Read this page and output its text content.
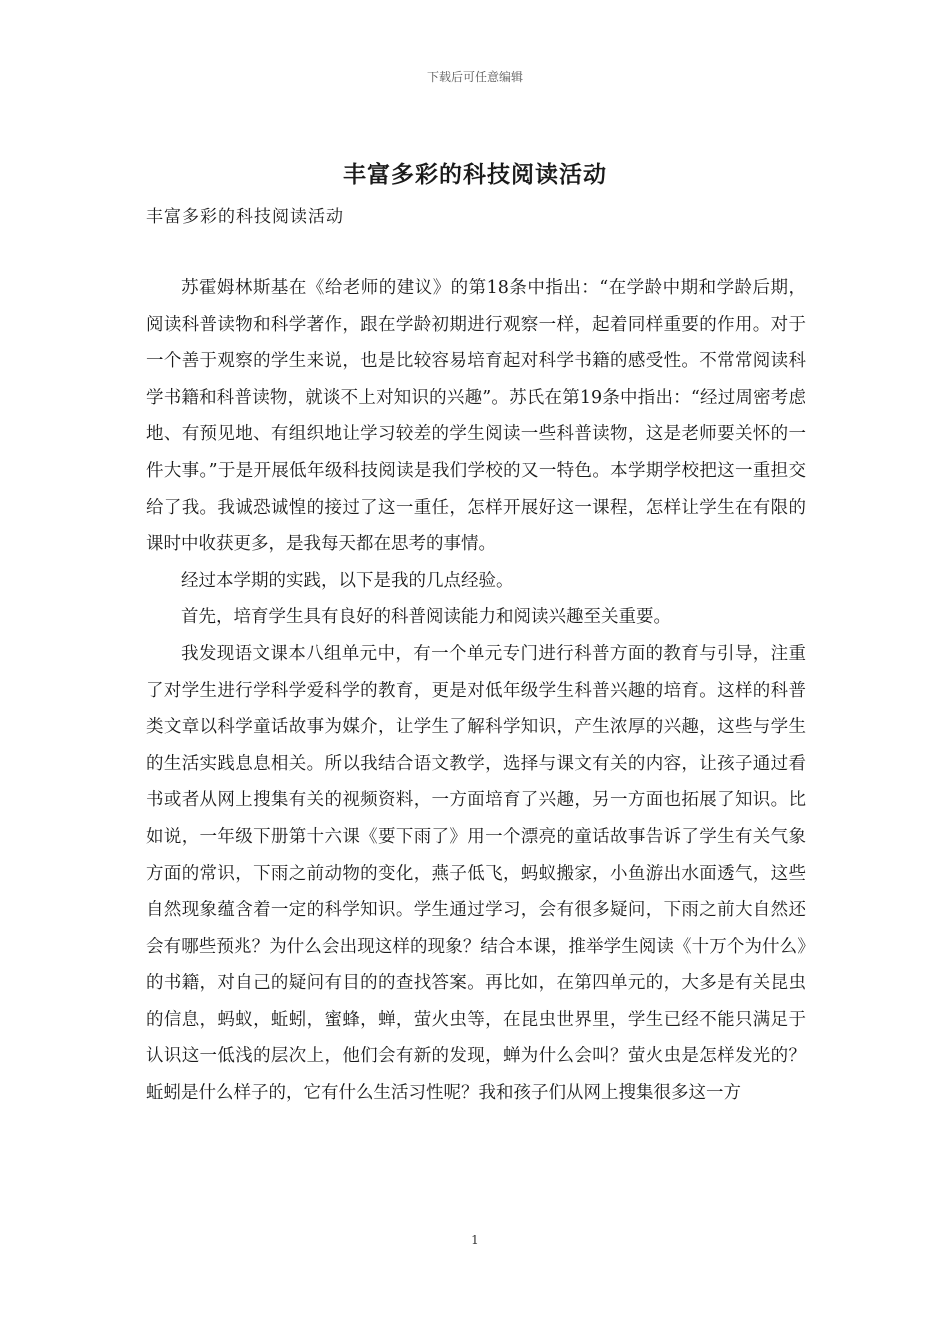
下载后可任意编辑
丰富多彩的科技阅读活动

丰富多彩的科技阅读活动

苏霍姆林斯基在《给老师的建议》的第18条中指出：“在学龄中期和学龄后期，阅读科普读物和科学著作，跟在学龄初期进行观察一样，起着同样重要的作用。对于一个善于观察的学生来说，也是比较容易培育起对科学书籍的感受性。不常常阅读科学书籍和科普读物，就谈不上对知识的兴趣”。苏氏在第19条中指出：“经过周密考虑地、有预见地、有组织地让学习较差的学生阅读一些科普读物，这是老师要关怀的一件大事。”于是开展低年级科技阅读是我们学校的又一特色。本学期学校把这一重担交给了我。我诚恐诚惶的接过了这一重任，怎样开展好这一课程，怎样让学生在有限的课时中收获更多，是我每天都在思考的事情。

经过本学期的实践，以下是我的几点经验。

首先，培育学生具有良好的科普阅读能力和阅读兴趣至关重要。

我发现语文课本八组单元中，有一个单元专门进行科普方面的教育与引导，注重了对学生进行学科学爱科学的教育，更是对低年级学生科普兴趣的培育。这样的科普类文章以科学童话故事为媒介，让学生了解科学知识，产生浓厚的兴趣，这些与学生的生活实践息息相关。所以我结合语文教学，选择与课文有关的内容，让孩子通过看书或者从网上搜集有关的视频资料，一方面培育了兴趣，另一方面也拓展了知识。比如说，一年级下册第十六课《要下雨了》用一个漂亮的童话故事告诉了学生有关气象方面的常识，下雨之前动物的变化，燕子低飞，蚂蚁搬家，小鱼游出水面透气，这些自然现象蕴含着一定的科学知识。学生通过学习，会有很多疑问，下雨之前大自然还会有哪些预兆？为什么会出现这样的现象？结合本课，推举学生阅读《十万个为什么》的书籍，对自己的疑问有目的的查找答案。再比如，在第四单元的，大多是有关昆虫的信息，蚂蚁，蚯蚓，蜜蜂，蝉，萤火虫等，在昆虫世界里，学生已经不能只满足于认识这一低浅的层次上，他们会有新的发现，蝉为什么会叫？萤火虫是怎样发光的？蚯蚓是什么样子的，它有什么生活习性呢？我和孩子们从网上搜集很多这一方

1
